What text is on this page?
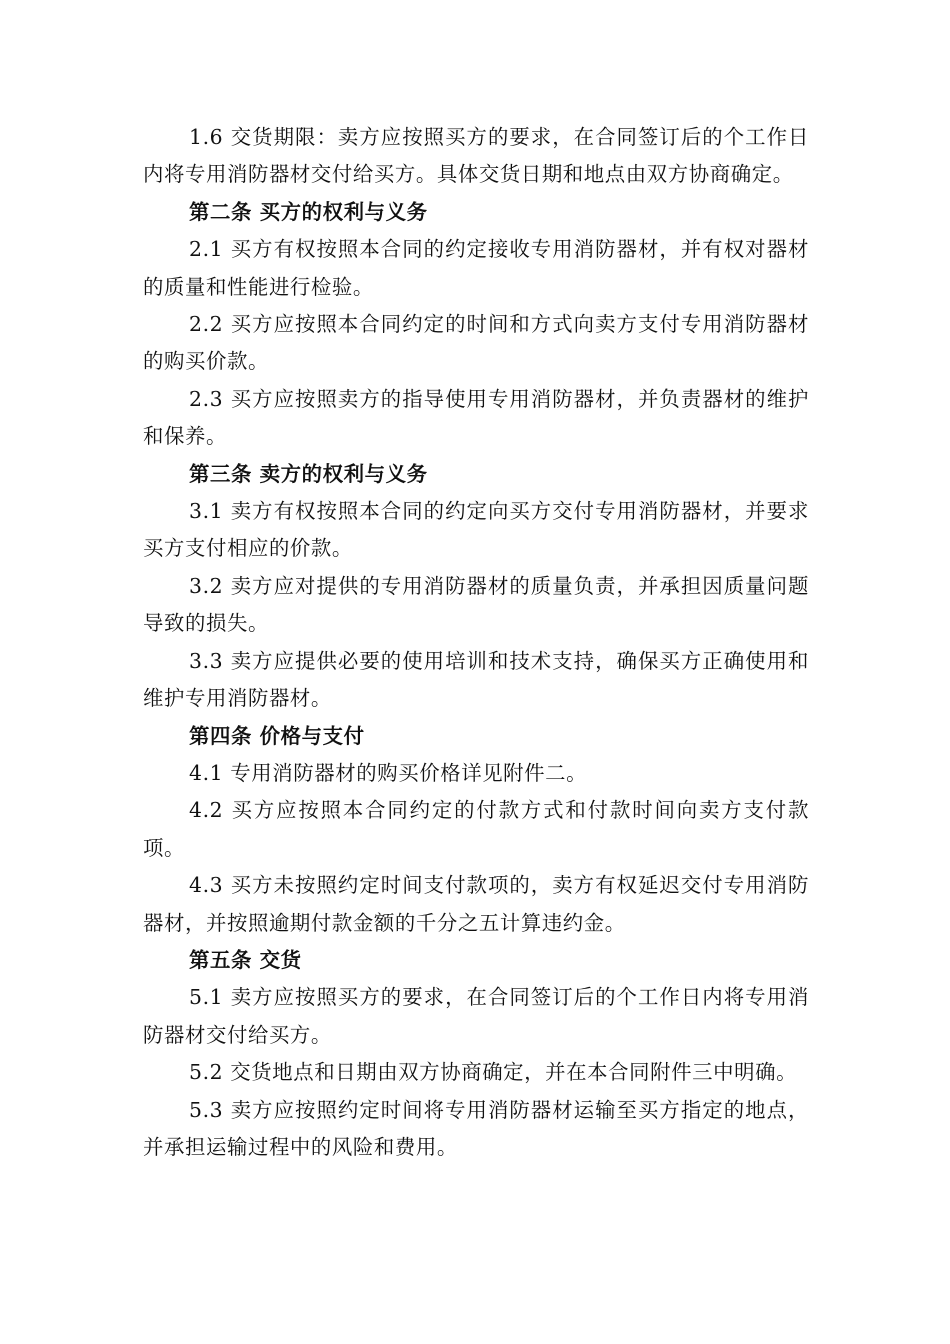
1.6 交货期限：卖方应按照买方的要求，在合同签订后的个工作日内将专用消防器材交付给买方。具体交货日期和地点由双方协商确定。

第二条 买方的权利与义务

2.1 买方有权按照本合同的约定接收专用消防器材，并有权对器材的质量和性能进行检验。

2.2 买方应按照本合同约定的时间和方式向卖方支付专用消防器材的购买价款。

2.3 买方应按照卖方的指导使用专用消防器材，并负责器材的维护和保养。

第三条 卖方的权利与义务

3.1 卖方有权按照本合同的约定向买方交付专用消防器材，并要求买方支付相应的价款。

3.2 卖方应对提供的专用消防器材的质量负责，并承担因质量问题导致的损失。

3.3 卖方应提供必要的使用培训和技术支持，确保买方正确使用和维护专用消防器材。

第四条 价格与支付

4.1 专用消防器材的购买价格详见附件二。

4.2 买方应按照本合同约定的付款方式和付款时间向卖方支付款项。

4.3 买方未按照约定时间支付款项的，卖方有权延迟交付专用消防器材，并按照逾期付款金额的千分之五计算违约金。

第五条 交货

5.1 卖方应按照买方的要求，在合同签订后的个工作日内将专用消防器材交付给买方。

5.2 交货地点和日期由双方协商确定，并在本合同附件三中明确。

5.3 卖方应按照约定时间将专用消防器材运输至买方指定的地点，并承担运输过程中的风险和费用。
